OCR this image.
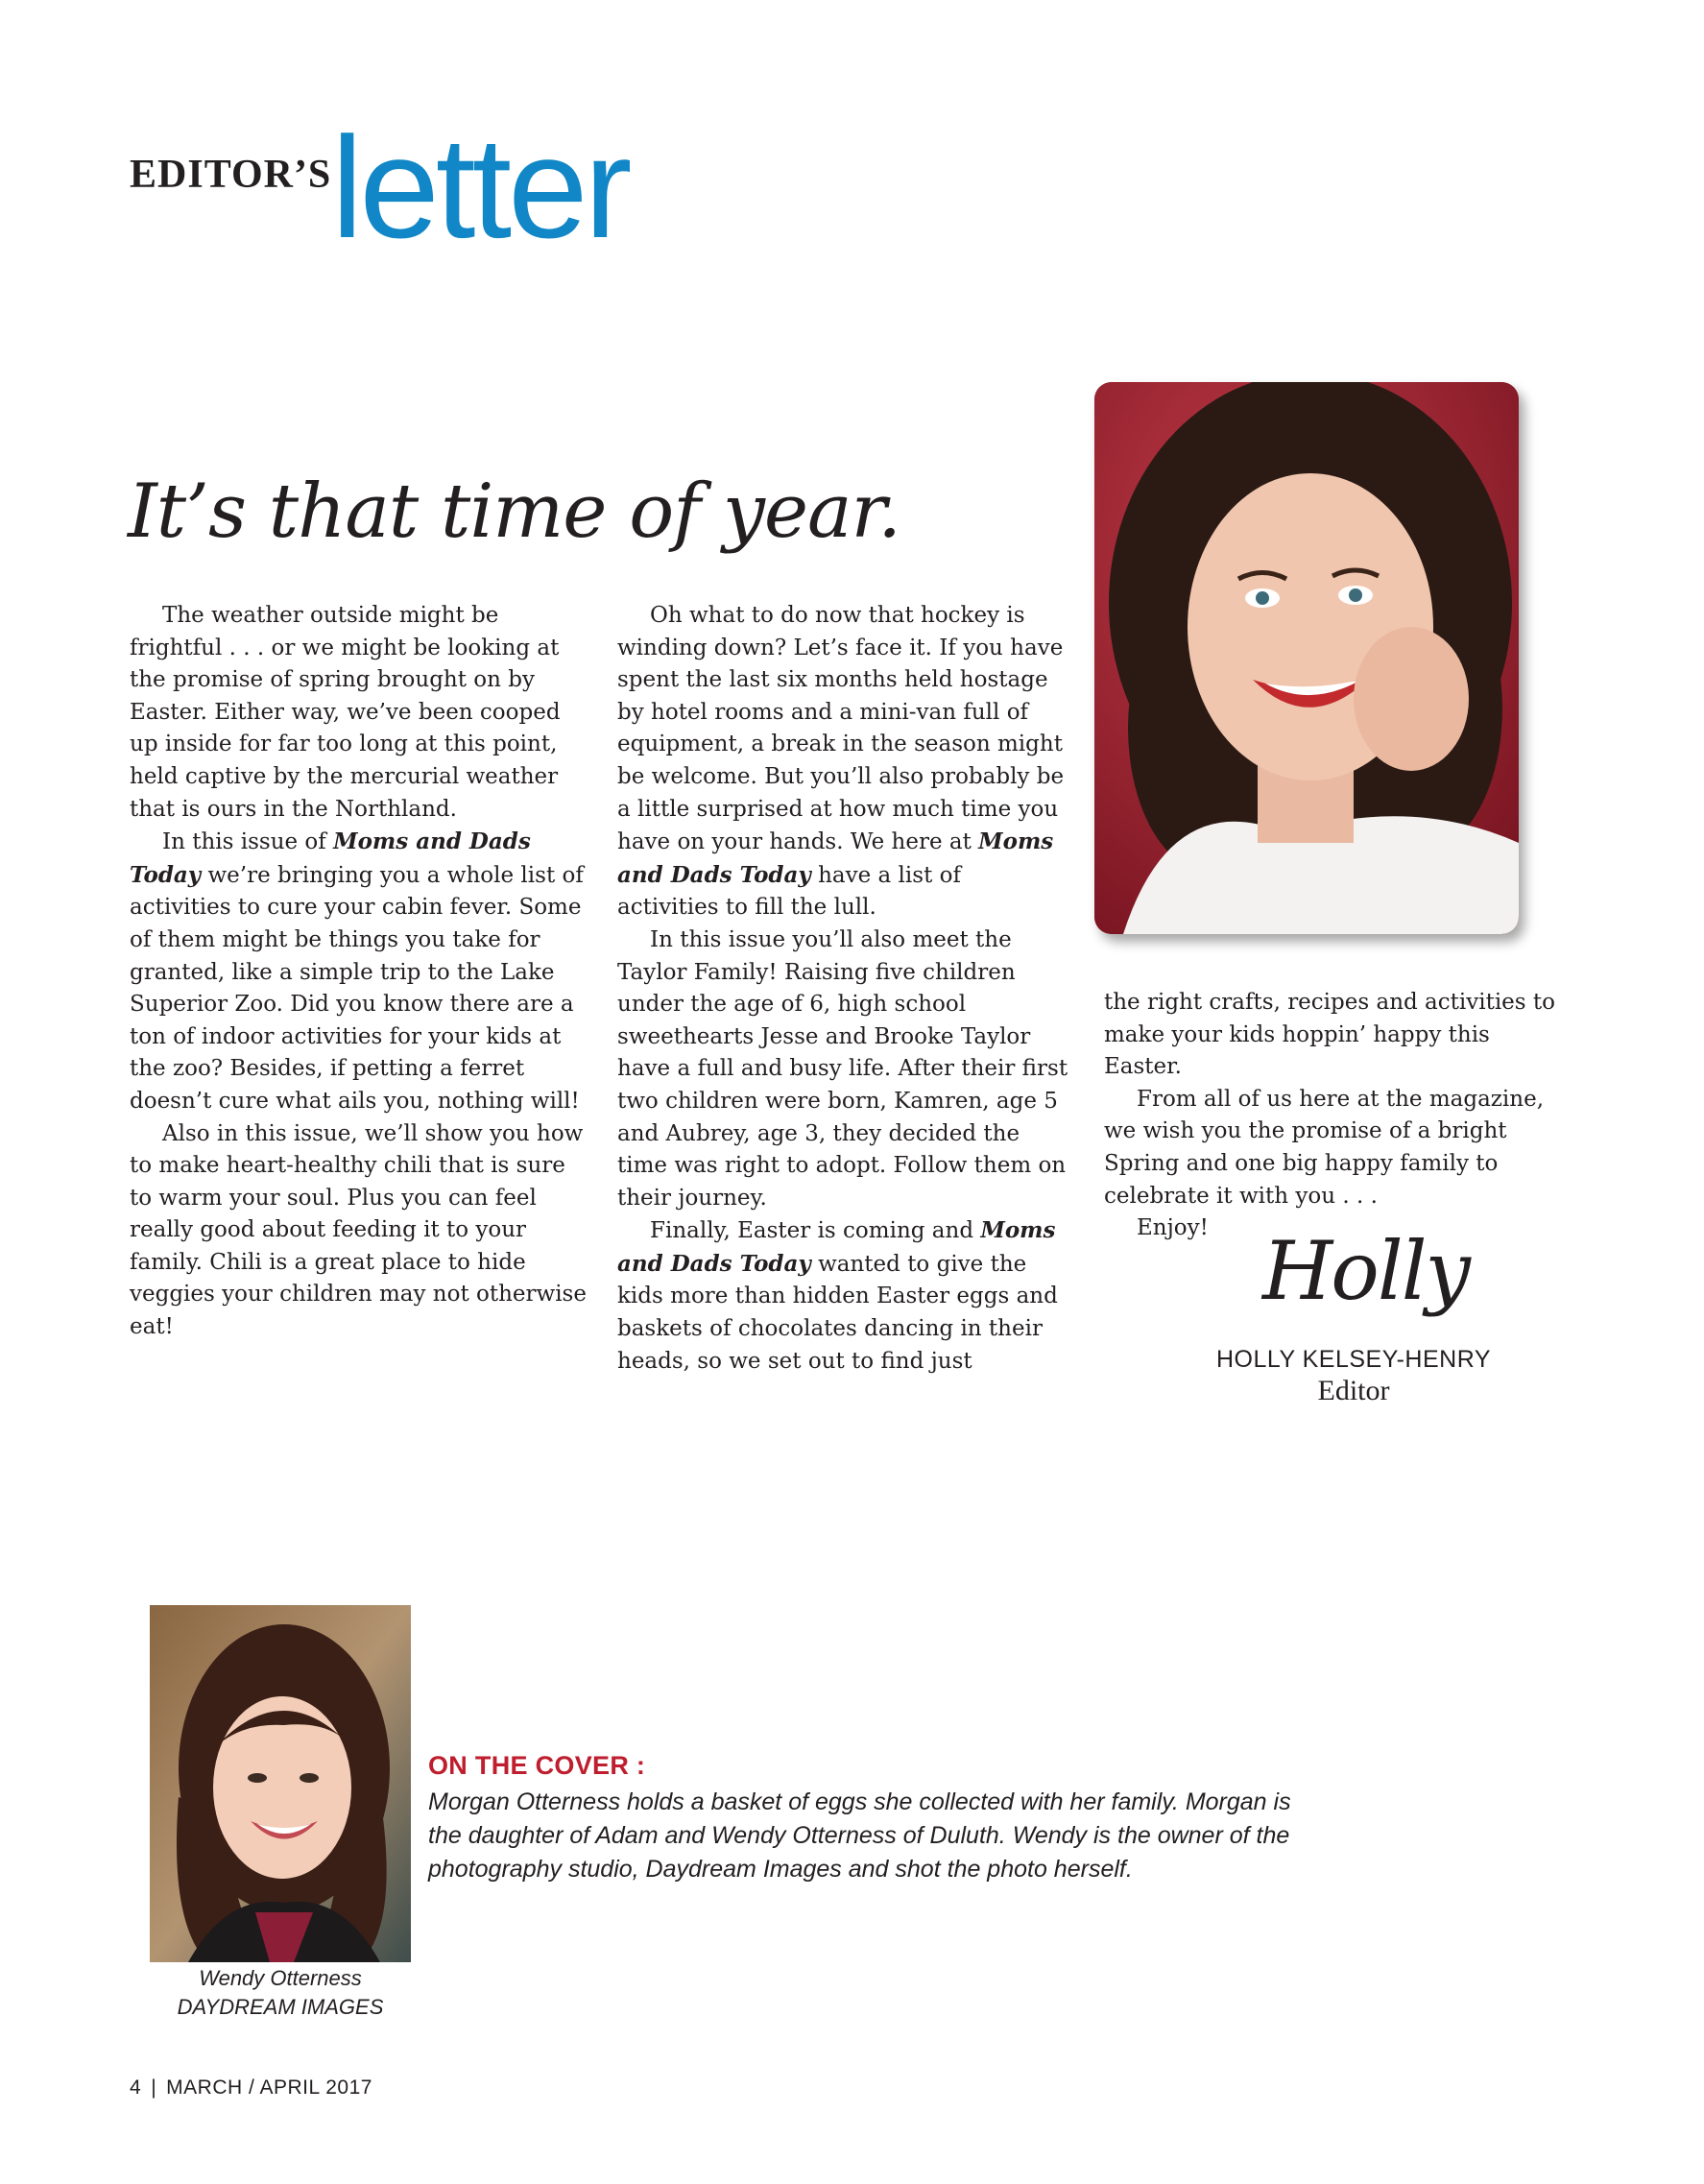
EDITOR’S letter
It’s that time of year.

The weather outside might be frightful . . . or we might be looking at the promise of spring brought on by Easter. Either way, we’ve been cooped up inside for far too long at this point, held captive by the mercurial weather that is ours in the Northland.

In this issue of Moms and Dads Today we’re bringing you a whole list of activities to cure your cabin fever. Some of them might be things you take for granted, like a simple trip to the Lake Superior Zoo. Did you know there are a ton of indoor activities for your kids at the zoo? Besides, if petting a ferret doesn’t cure what ails you, nothing will!

Also in this issue, we’ll show you how to make heart-healthy chili that is sure to warm your soul. Plus you can feel really good about feeding it to your family. Chili is a great place to hide veggies your children may not otherwise eat!

Oh what to do now that hockey is winding down? Let’s face it. If you have spent the last six months held hostage by hotel rooms and a mini-van full of equipment, a break in the season might be welcome. But you’ll also probably be a little surprised at how much time you have on your hands. We here at Moms and Dads Today have a list of activities to fill the lull.

In this issue you’ll also meet the Taylor Family! Raising five children under the age of 6, high school sweethearts Jesse and Brooke Taylor have a full and busy life. After their first two children were born, Kamren, age 5 and Aubrey, age 3, they decided the time was right to adopt. Follow them on their journey.

Finally, Easter is coming and Moms and Dads Today wanted to give the kids more than hidden Easter eggs and baskets of chocolates dancing in their heads, so we set out to find just

the right crafts, recipes and activities to make your kids hoppin’ happy this Easter.

From all of us here at the magazine, we wish you the promise of a bright Spring and one big happy family to celebrate it with you . . .

Enjoy! Holly
HOLLY KELSEY-HENRY
Editor
ON THE COVER :
Morgan Otterness holds a basket of eggs she collected with her family. Morgan is the daughter of Adam and Wendy Otterness of Duluth. Wendy is the owner of the photography studio, Daydream Images and shot the photo herself.
Wendy Otterness
DAYDREAM IMAGES
4 | MARCH / APRIL 2017
